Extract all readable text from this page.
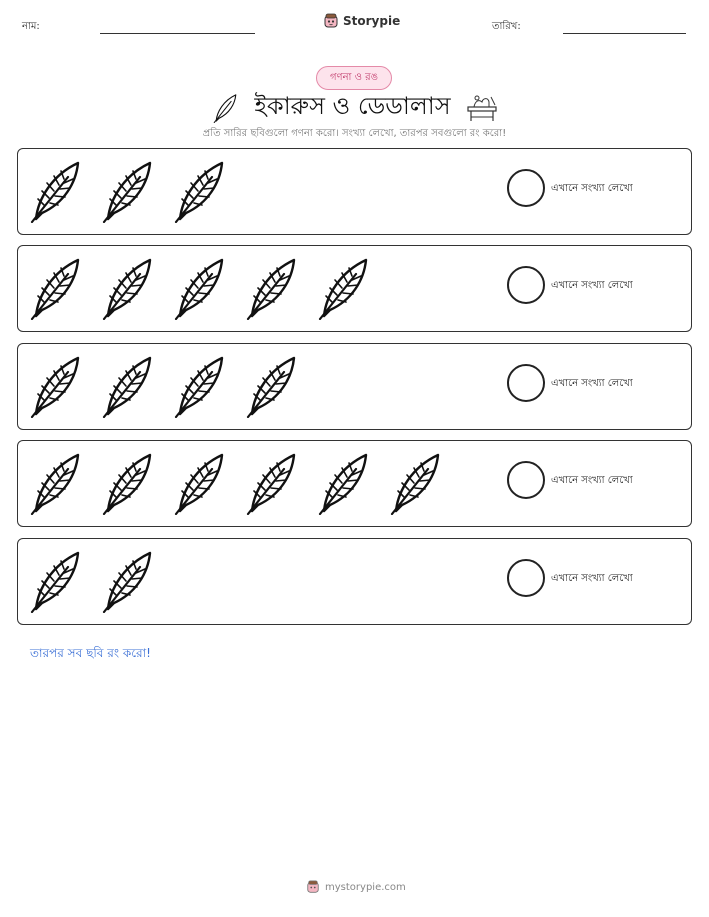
নাম:	Storypie	তারিখ:
গণনা ও রঙ
ইকারুস ও ডেডালাস
প্রতি সারির ছবিগুলো গণনা করো। সংখ্যা লেখো, তারপর সবগুলো রং করো!
এখানে সংখ্যা লেখো
এখানে সংখ্যা লেখো
এখানে সংখ্যা লেখো
এখানে সংখ্যা লেখো
এখানে সংখ্যা লেখো
তারপর সব ছবি রং করো!
mystorypie.com
